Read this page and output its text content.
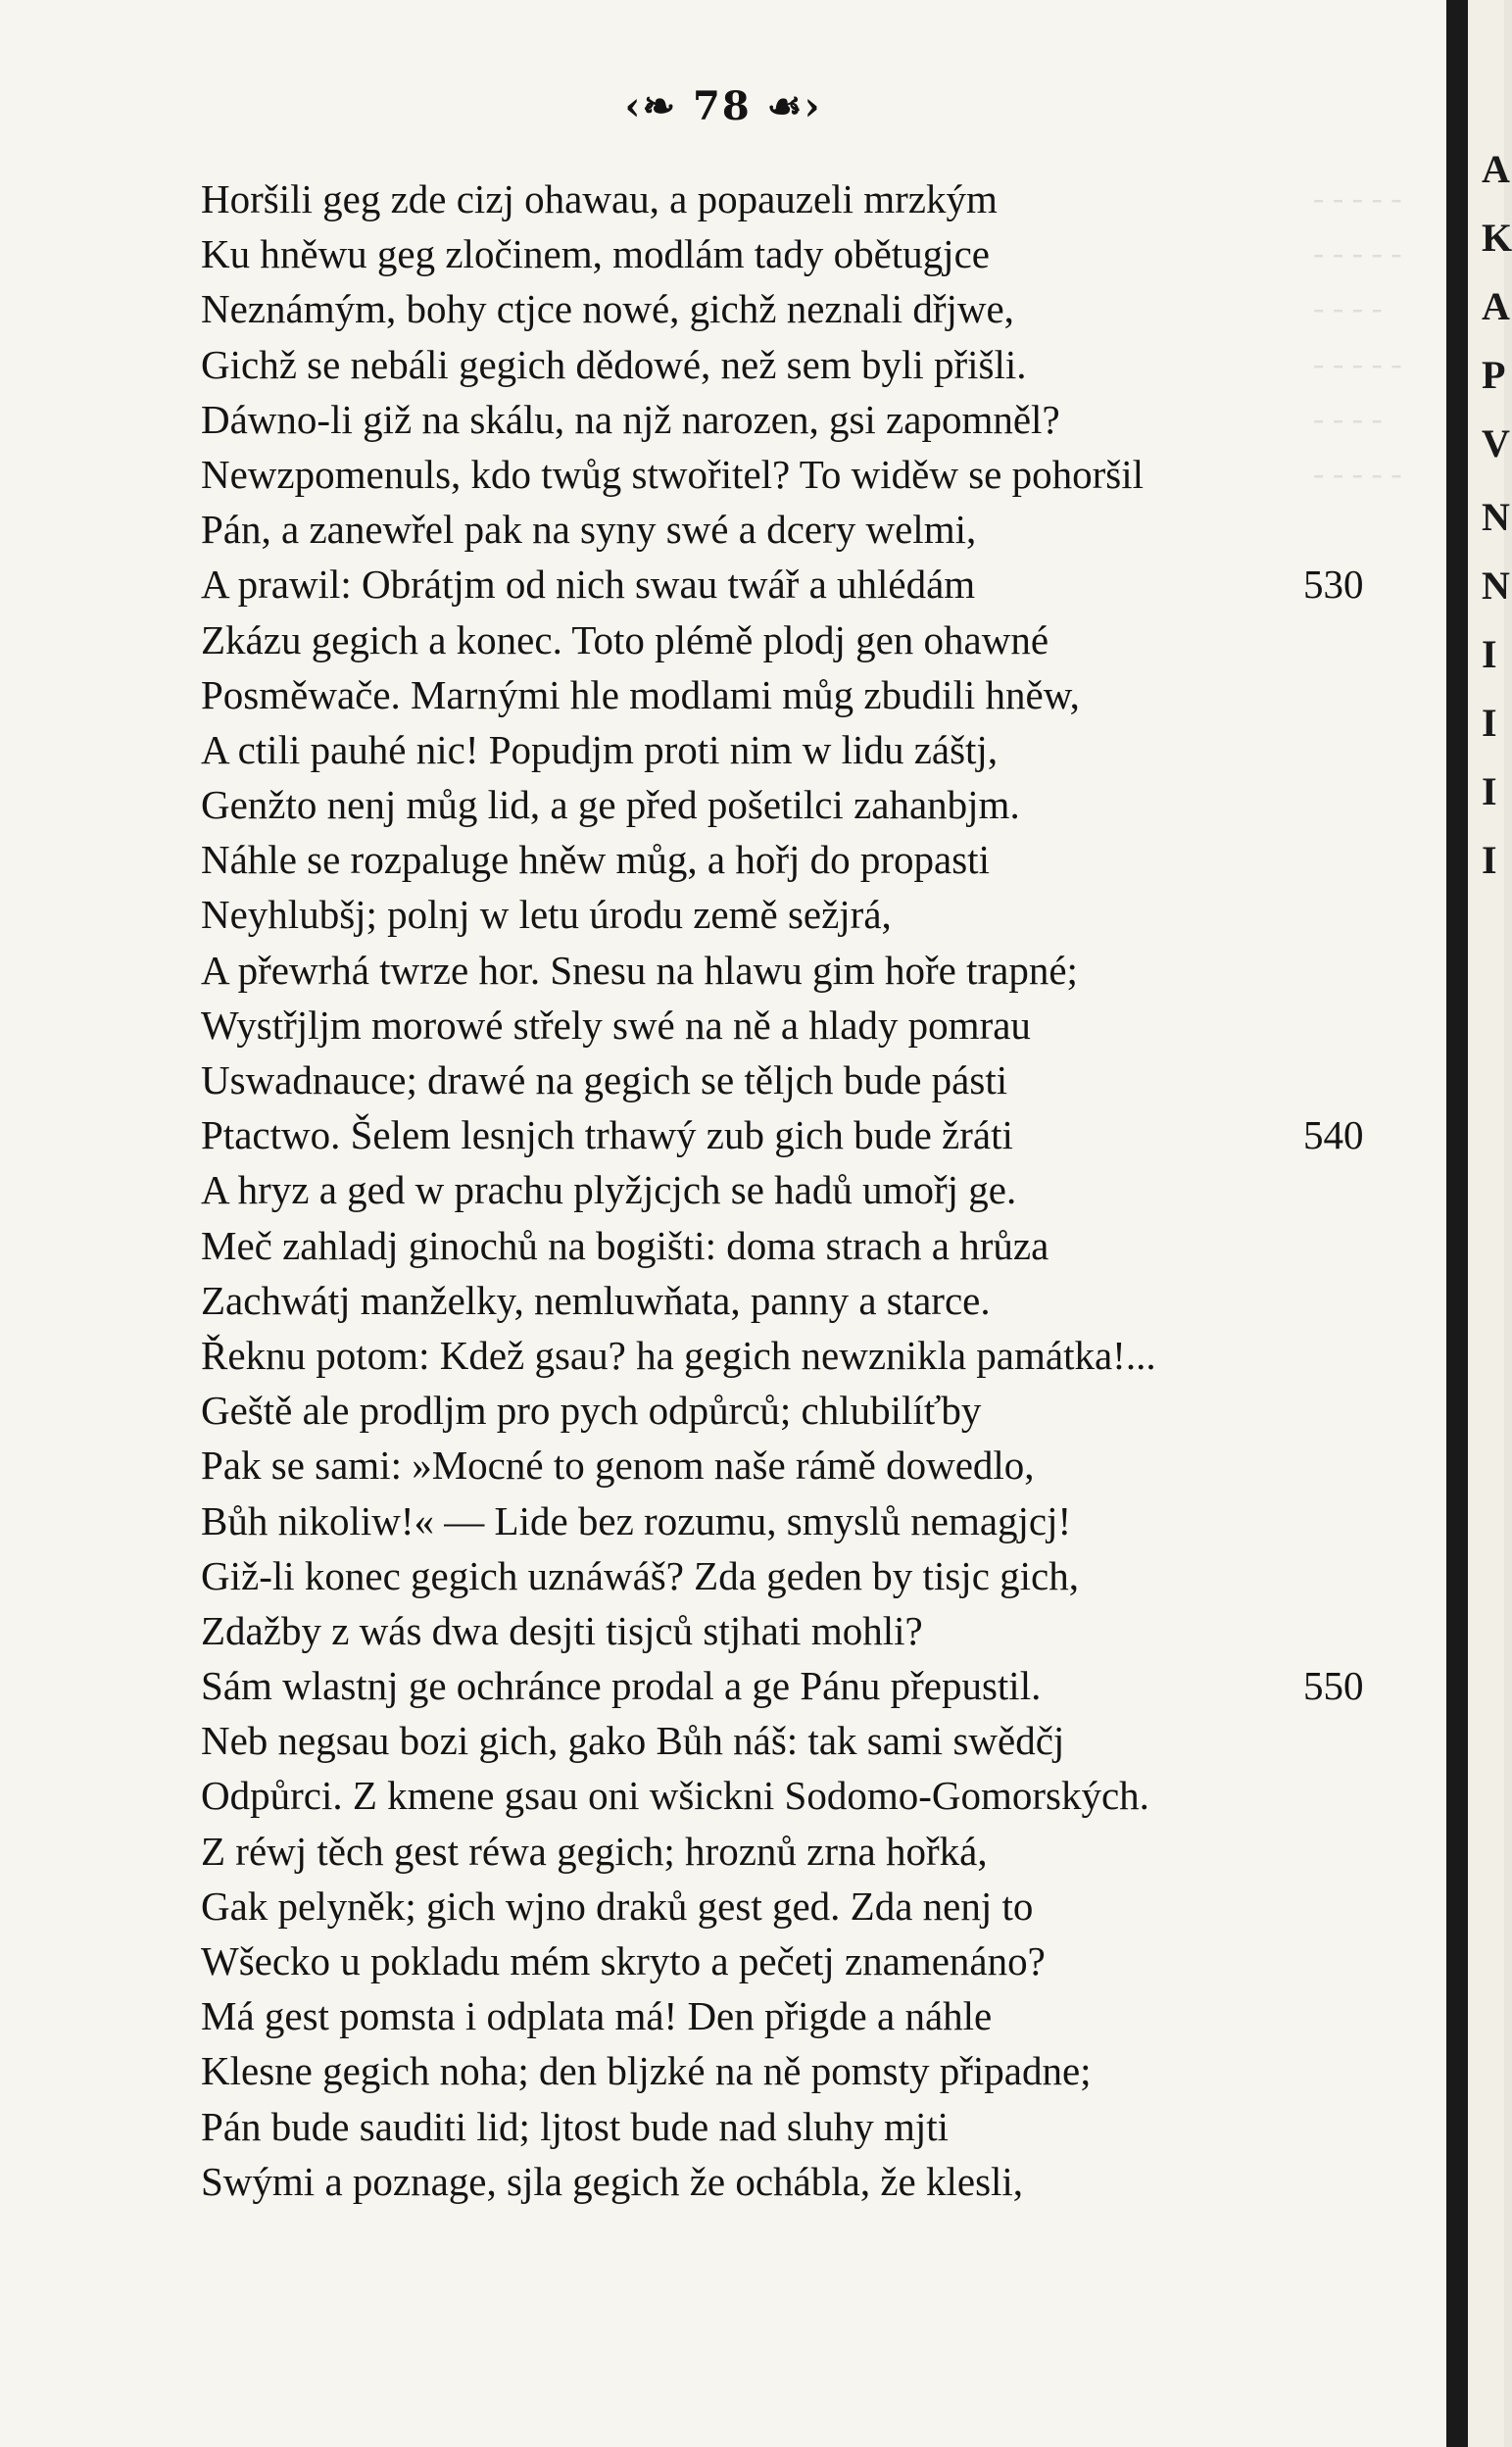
‹❧ 78 ☙›
- - - - -
- - - - -
- - - -
- - - - -
- - - -
- - - - -
Horšili geg zde cizj ohawau, a popauzeli mrzkým
Ku hněwu geg zločinem, modlám tady obětugjce
Neznámým, bohy ctjce nowé, gichž neznali dřjwe,
Gichž se nebáli gegich dědowé, než sem byli přišli.
Dáwno-li giž na skálu, na njž narozen, gsi zapomněl?
Newzpomenuls, kdo twůg stwořitel? To widěw se pohoršil
Pán, a zanewřel pak na syny swé a dcery welmi,
A prawil: Obrátjm od nich swau twář a uhlédám	530
Zkázu gegich a konec. Toto plémě plodj gen ohawné
Posměwače. Marnými hle modlami můg zbudili hněw,
A ctili pauhé nic! Popudjm proti nim w lidu záštj,
Genžto nenj můg lid, a ge před pošetilci zahanbjm.
Náhle se rozpaluge hněw můg, a hořj do propasti
Neyhlubšj; polnj w letu úrodu země sežjrá,
A přewrhá twrze hor. Snesu na hlawu gim hoře trapné;
Wystřjljm morowé střely swé na ně a hlady pomrau
Uswadnauce; drawé na gegich se těljch bude pásti
Ptactwo. Šelem lesnjch trhawý zub gich bude žráti	540
A hryz a ged w prachu plyžjcjch se hadů umořj ge.
Meč zahladj ginochů na bogišti: doma strach a hrůza
Zachwátj manželky, nemluwňata, panny a starce.
Řeknu potom: Kdež gsau? ha gegich newznikla památka!...
Geště ale prodljm pro pych odpůrců; chlubilíťby
Pak se sami: »Mocné to genom naše rámě dowedlo,
Bůh nikoliw!« — Lide bez rozumu, smyslů nemagjcj!
Giž-li konec gegich uznáwáš? Zda geden by tisjc gich,
Zdažby z wás dwa desjti tisjců stjhati mohli?
Sám wlastnj ge ochránce prodal a ge Pánu přepustil.	550
Neb negsau bozi gich, gako Bůh náš: tak sami swědčj
Odpůrci. Z kmene gsau oni wšickni Sodomo-Gomorských.
Z réwj těch gest réwa gegich; hroznů zrna hořká,
Gak pelyněk; gich wjno draků gest ged. Zda nenj to
Wšecko u pokladu mém skryto a pečetj znamenáno?
Má gest pomsta i odplata má! Den přigde a náhle
Klesne gegich noha; den bljzké na ně pomsty připadne;
Pán bude sauditi lid; ljtost bude nad sluhy mjti
Swými a poznage, sjla gegich že ochábla, že klesli,
A
K
A
P
V
N
N
I
I
I
I
